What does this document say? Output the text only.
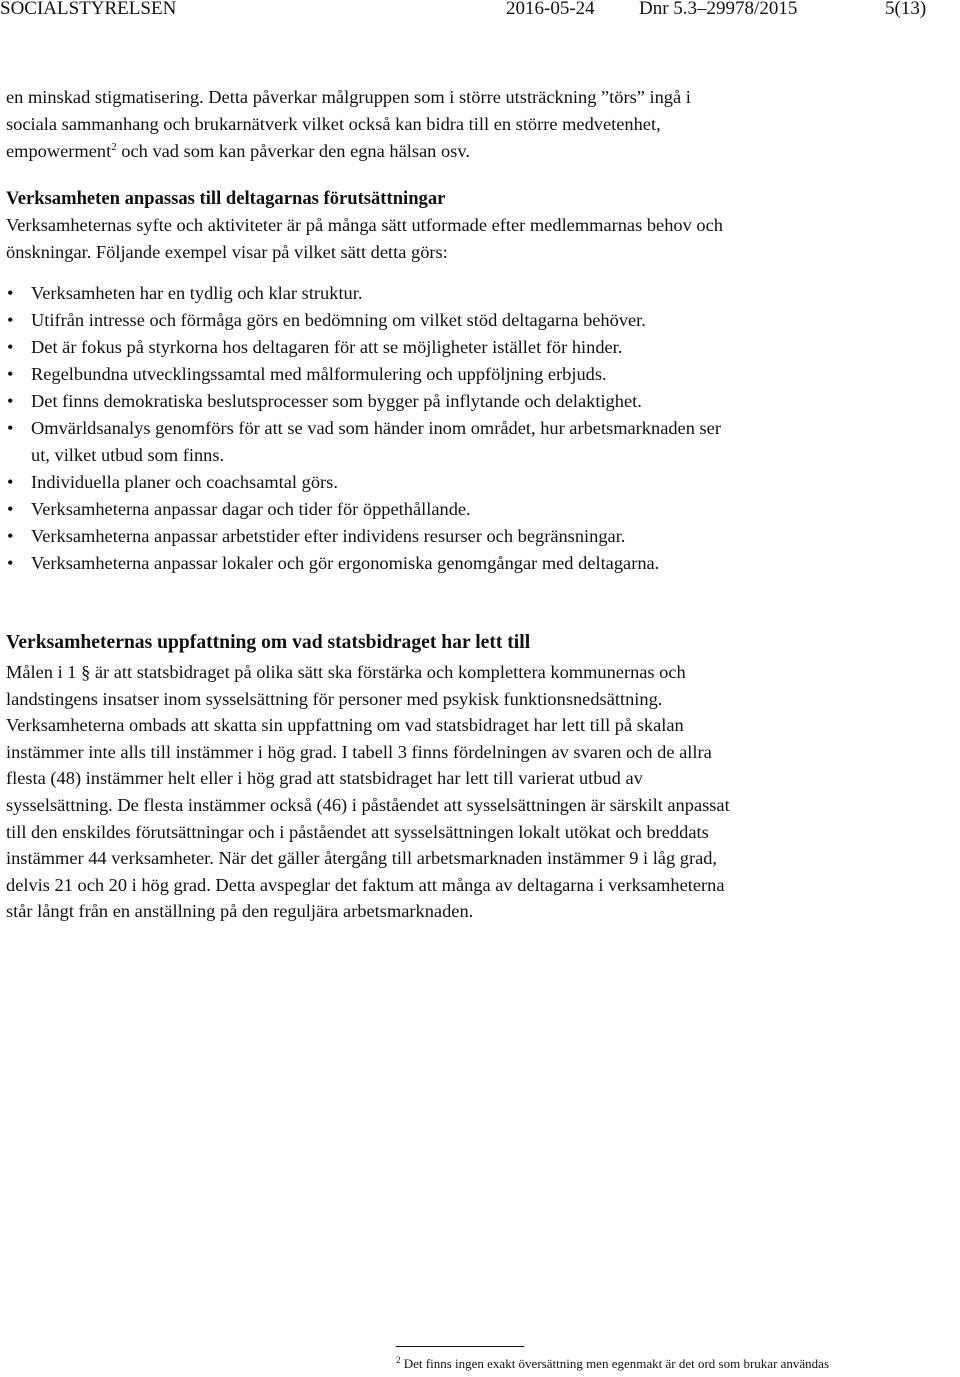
SOCIALSTYRELSEN	2016-05-24 Dnr 5.3–29978/2015	5(13)

en minskad stigmatisering. Detta påverkar målgruppen som i större utsträckning ”törs” ingå i sociala sammanhang och brukarnätverk vilket också kan bidra till en större medvetenhet, empowerment$^2$ och vad som kan påverkar den egna hälsan osv.

Verksamheten anpassas till deltagarnas förutsättningar

Verksamheternas syfte och aktiviteter är på många sätt utformade efter medlemmarnas behov och önskningar. Följande exempel visar på vilket sätt detta görs:

• Verksamheten har en tydlig och klar struktur.
• Utifrån intresse och förmåga görs en bedömning om vilket stöd deltagarna behöver.
• Det är fokus på styrkorna hos deltagaren för att se möjligheter istället för hinder.
• Regelbundna utvecklingssamtal med målformulering och uppföljning erbjuds.
• Det finns demokratiska beslutsprocesser som bygger på inflytande och delaktighet.
• Omvärldsanalys genomförs för att se vad som händer inom området, hur arbetsmarknaden ser ut, vilket utbud som finns.
• Individuella planer och coachsamtal görs.
• Verksamheterna anpassar dagar och tider för öppethållande.
• Verksamheterna anpassar arbetstider efter individens resurser och begränsningar.
• Verksamheterna anpassar lokaler och gör ergonomiska genomgångar med deltagarna.
Verksamheternas uppfattning om vad statsbidraget har lett till

Målen i 1 § är att statsbidraget på olika sätt ska förstärka och komplettera kommunernas och landstingens insatser inom sysselsättning för personer med psykisk funktionsnedsättning. Verksamheterna ombads att skatta sin uppfattning om vad statsbidraget har lett till på skalan instämmer inte alls till instämmer i hög grad. I tabell 3 finns fördelningen av svaren och de allra flesta (48) instämmer helt eller i hög grad att statsbidraget har lett till varierat utbud av sysselsättning. De flesta instämmer också (46) i påståendet att sysselsättningen är särskilt anpassat till den enskildes förutsättningar och i påståendet att sysselsättningen lokalt utökat och breddats instämmer 44 verksamheter. När det gäller återgång till arbetsmarknaden instämmer 9 i låg grad, delvis 21 och 20 i hög grad. Detta avspeglar det faktum att många av deltagarna i verksamheterna står långt från en anställning på den reguljära arbetsmarknaden.

$^2$ Det finns ingen exakt översättning men egenmakt är det ord som brukar användas
